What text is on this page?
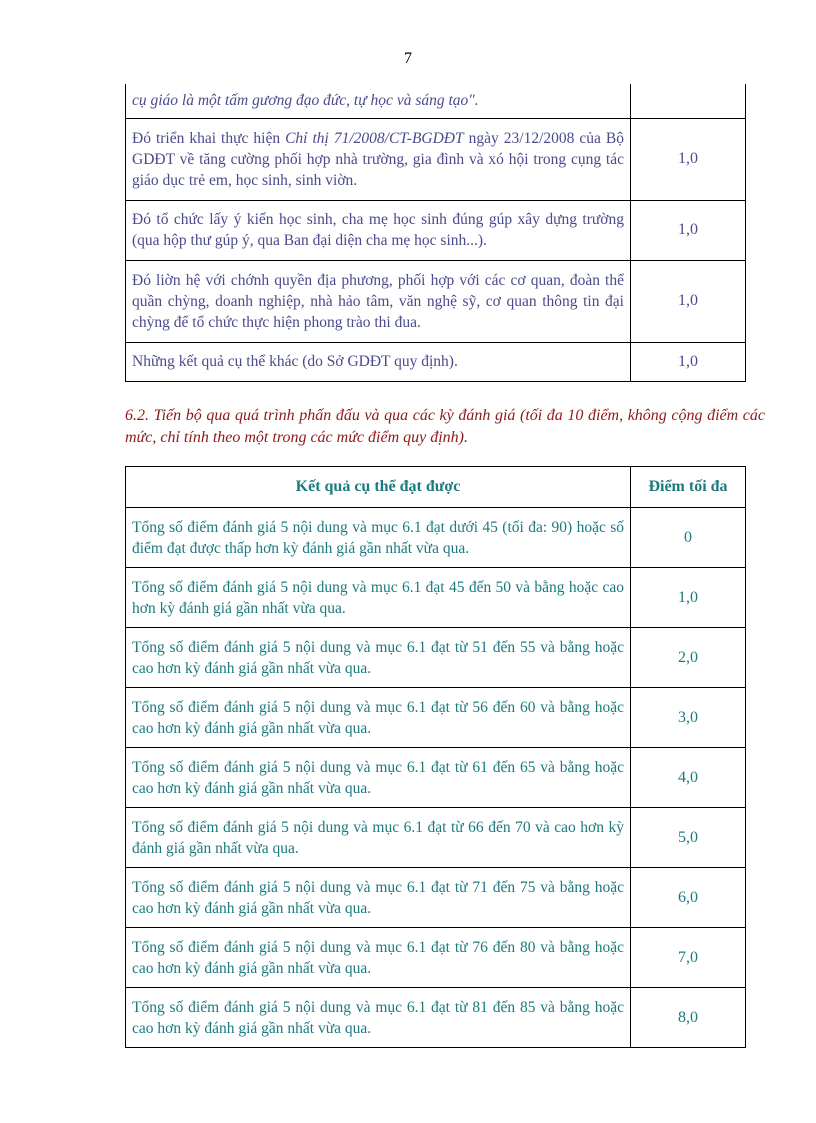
7
cụ giáo là một tấm gương đạo đức, tự học và sáng tạo".	
Đó triển khai thực hiện Chỉ thị 71/2008/CT-BGDĐT ngày 23/12/2008 của Bộ GDĐT về tăng cường phối hợp nhà trường, gia đình và xó hội trong cụng tác giáo dục trẻ em, học sinh, sinh viờn.	1,0
Đó tổ chức lấy ý kiến học sinh, cha mẹ học sinh đúng gúp xây dựng trường (qua hộp thư gúp ý, qua Ban đại diện cha mẹ học sinh...).	1,0
Đó liờn hệ với chớnh quyền địa phương, phối hợp với các cơ quan, đoàn thể quần chỳng, doanh nghiệp, nhà hảo tâm, văn nghệ sỹ, cơ quan thông tin đại chỳng để tổ chức thực hiện phong trào thi đua.	1,0
Những kết quả cụ thể khác (do Sở GDĐT quy định).	1,0
6.2. Tiến bộ qua quá trình phấn đấu và qua các kỳ đánh giá (tối đa 10 điểm, không cộng điểm các mức, chỉ tính theo một trong các mức điểm quy định).
Kết quả cụ thể đạt được	Điểm tối đa
Tổng số điểm đánh giá 5 nội dung và mục 6.1 đạt dưới 45 (tối đa: 90) hoặc số điểm đạt được thấp hơn kỳ đánh giá gần nhất vừa qua.	0
Tổng số điểm đánh giá 5 nội dung và mục 6.1 đạt 45 đến 50 và bằng hoặc cao hơn kỳ đánh giá gần nhất vừa qua.	1,0
Tổng số điểm đánh giá 5 nội dung và mục 6.1 đạt từ 51 đến 55 và bằng hoặc cao hơn kỳ đánh giá gần nhất vừa qua.	2,0
Tổng số điểm đánh giá 5 nội dung và mục 6.1 đạt từ 56 đến 60 và bằng hoặc cao hơn kỳ đánh giá gần nhất vừa qua.	3,0
Tổng số điểm đánh giá 5 nội dung và mục 6.1 đạt từ 61 đến 65 và bằng hoặc cao hơn kỳ đánh giá gần nhất vừa qua.	4,0
Tổng số điểm đánh giá 5 nội dung và mục 6.1 đạt từ 66 đến 70 và cao hơn kỳ đánh giá gần nhất vừa qua.	5,0
Tổng số điểm đánh giá 5 nội dung và mục 6.1 đạt từ 71 đến 75 và bằng hoặc cao hơn kỳ đánh giá gần nhất vừa qua.	6,0
Tổng số điểm đánh giá 5 nội dung và mục 6.1 đạt từ 76 đến 80 và bằng hoặc cao hơn kỳ đánh giá gần nhất vừa qua.	7,0
Tổng số điểm đánh giá 5 nội dung và mục 6.1 đạt từ 81 đến 85 và bằng hoặc cao hơn kỳ đánh giá gần nhất vừa qua.	8,0
